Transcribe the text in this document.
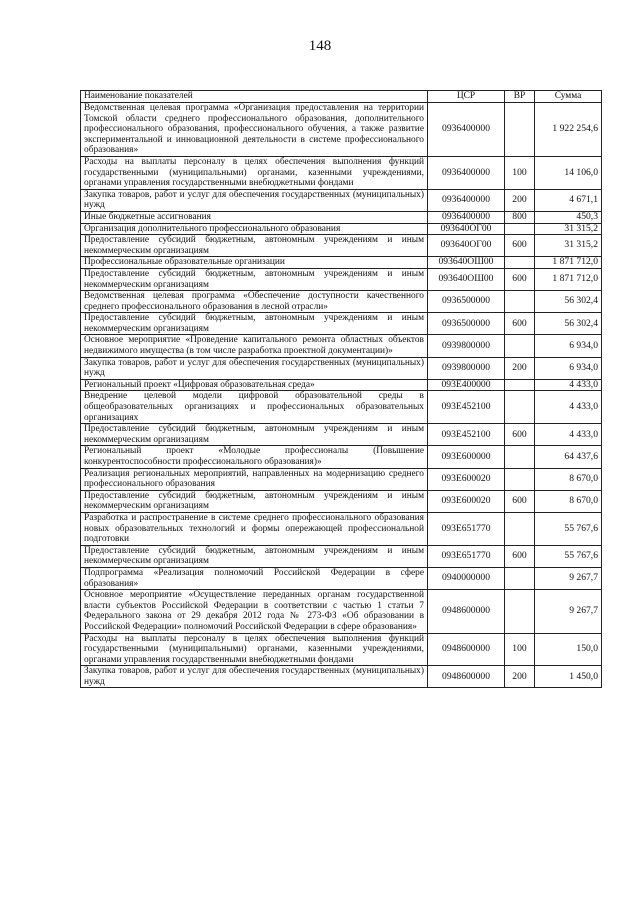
148
Наименование показателей	ЦСР	ВР	Сумма
Ведомственная целевая программа «Организация предоставления на территории Томской области среднего профессионального образования, дополнительного профессионального образования, профессионального обучения, а также развитие экспериментальной и инновационной деятельности в системе профессионального образования»	0936400000		1 922 254,6
Расходы на выплаты персоналу в целях обеспечения выполнения функций государственными (муниципальными) органами, казенными учреждениями, органами управления государственными внебюджетными фондами	0936400000	100	14 106,0
Закупка товаров, работ и услуг для обеспечения государственных (муниципальных) нужд	0936400000	200	4 671,1
Иные бюджетные ассигнования	0936400000	800	450,3
Организация дополнительного профессионального образования	093640ОГ00		31 315,2
Предоставление субсидий бюджетным, автономным учреждениям и иным некоммерческим организациям	093640ОГ00	600	31 315,2
Профессиональные образовательные организации	093640ОШ00		1 871 712,0
Предоставление субсидий бюджетным, автономным учреждениям и иным некоммерческим организациям	093640ОШ00	600	1 871 712,0
Ведомственная целевая программа «Обеспечение доступности качественного среднего профессионального образования в лесной отрасли»	0936500000		56 302,4
Предоставление субсидий бюджетным, автономным учреждениям и иным некоммерческим организациям	0936500000	600	56 302,4
Основное мероприятие «Проведение капитального ремонта областных объектов недвижимого имущества (в том числе разработка проектной документации)»	0939800000		6 934,0
Закупка товаров, работ и услуг для обеспечения государственных (муниципальных) нужд	0939800000	200	6 934,0
Региональный проект «Цифровая образовательная среда»	093Е400000		4 433,0
Внедрение целевой модели цифровой образовательной среды в общеобразовательных организациях и профессиональных образовательных организациях	093Е452100		4 433,0
Предоставление субсидий бюджетным, автономным учреждениям и иным некоммерческим организациям	093Е452100	600	4 433,0
Региональный проект «Молодые профессионалы (Повышение конкурентоспособности профессионального образования)»	093Е600000		64 437,6
Реализация региональных мероприятий, направленных на модернизацию среднего профессионального образования	093Е600020		8 670,0
Предоставление субсидий бюджетным, автономным учреждениям и иным некоммерческим организациям	093Е600020	600	8 670,0
Разработка и распространение в системе среднего профессионального образования новых образовательных технологий и формы опережающей профессиональной подготовки	093Е651770		55 767,6
Предоставление субсидий бюджетным, автономным учреждениям и иным некоммерческим организациям	093Е651770	600	55 767,6
Подпрограмма «Реализация полномочий Российской Федерации в сфере образования»	0940000000		9 267,7
Основное мероприятие «Осуществление переданных органам государственной власти субъектов Российской Федерации в соответствии с частью 1 статьи 7 Федерального закона от 29 декабря 2012 года № 273-ФЗ «Об образовании в Российской Федерации» полномочий Российской Федерации в сфере образования»	0948600000		9 267,7
Расходы на выплаты персоналу в целях обеспечения выполнения функций государственными (муниципальными) органами, казенными учреждениями, органами управления государственными внебюджетными фондами	0948600000	100	150,0
Закупка товаров, работ и услуг для обеспечения государственных (муниципальных) нужд	0948600000	200	1 450,0
